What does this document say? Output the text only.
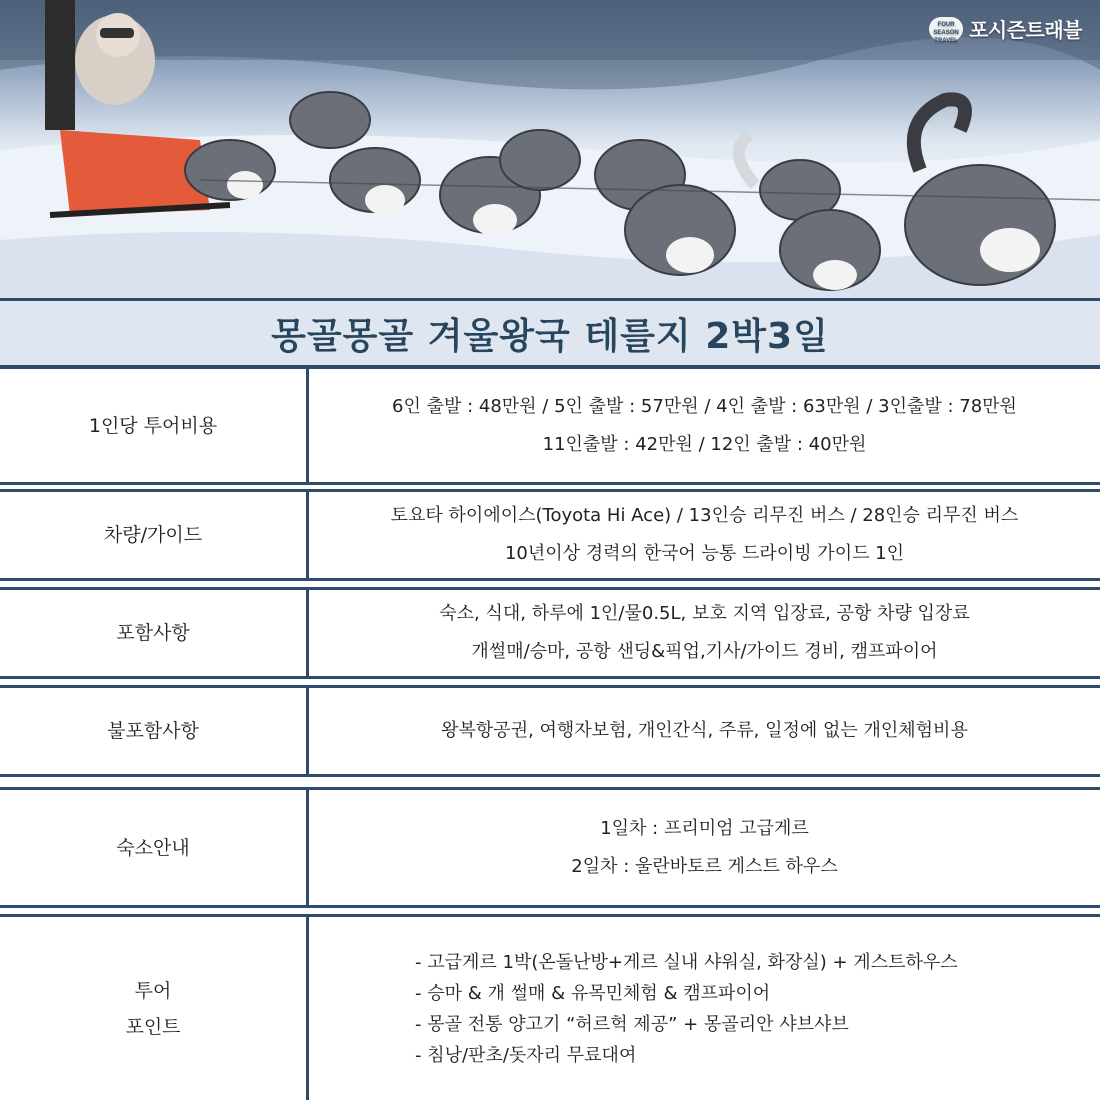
FOUR SEASON TRAVEL 포시즌트래블
몽골몽골 겨울왕국 테를지 2박3일
1인당 투어비용
6인 출발 : 48만원 / 5인 출발 : 57만원 / 4인 출발 : 63만원 / 3인출발 : 78만원
11인출발 : 42만원 / 12인 출발 : 40만원
차량/가이드
토요타 하이에이스(Toyota Hi Ace) / 13인승 리무진 버스 / 28인승 리무진 버스
10년이상 경력의 한국어 능통 드라이빙 가이드 1인
포함사항
숙소, 식대, 하루에 1인/물0.5L, 보호 지역 입장료, 공항 차량 입장료
개썰매/승마, 공항 샌딩&픽업,기사/가이드 경비, 캠프파이어
불포함사항	왕복항공권, 여행자보험, 개인간식, 주류, 일정에 없는 개인체험비용
숙소안내
1일차 : 프리미엄 고급게르
2일차 : 울란바토르 게스트 하우스
투어
포인트
- 고급게르 1박(온돌난방+게르 실내 샤워실, 화장실) + 게스트하우스
- 승마 & 개 썰매 & 유목민체험 & 캠프파이어
- 몽골 전통 양고기 “허르헉 제공” + 몽골리안 샤브샤브
- 침낭/판초/돗자리 무료대여
